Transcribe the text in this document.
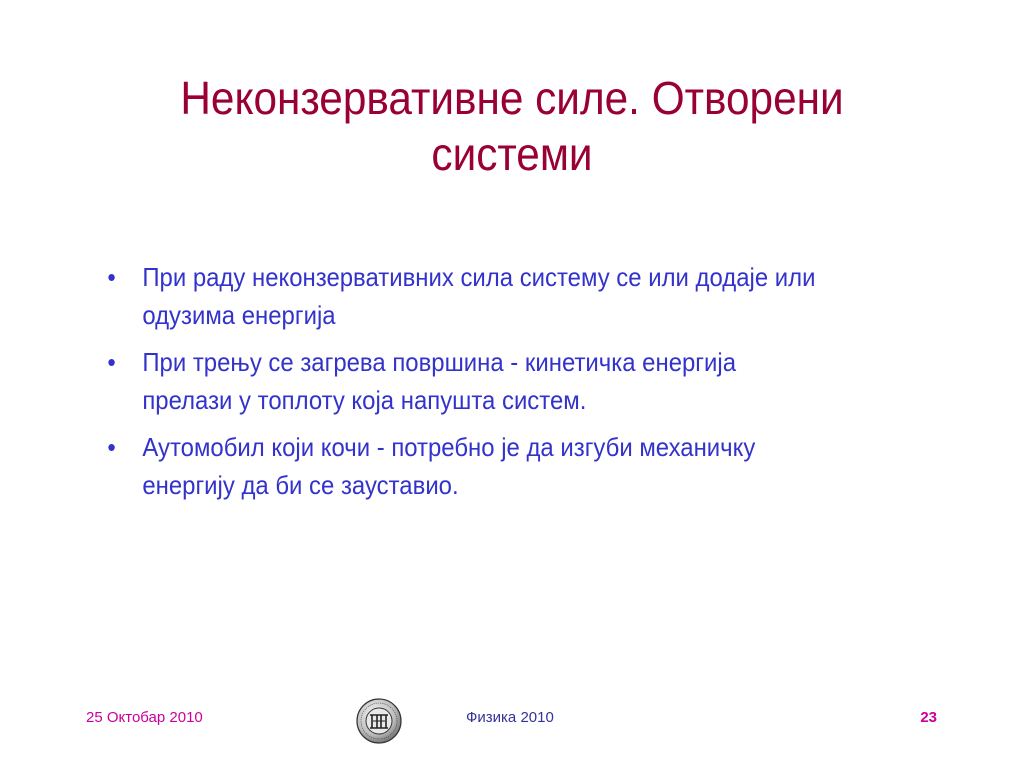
Неконзервативне силе. Отворени
системи
• При раду неконзервативних сила систему се или додаје или
одузима енергија
• При трењу се загрева површина - кинетичка енергија
прелази у топлоту која напушта систем.
• Аутомобил који кочи - потребно је да изгуби механичку
енергију да би се зауставио.
25 Октобар 2010	Физика 2010	23
